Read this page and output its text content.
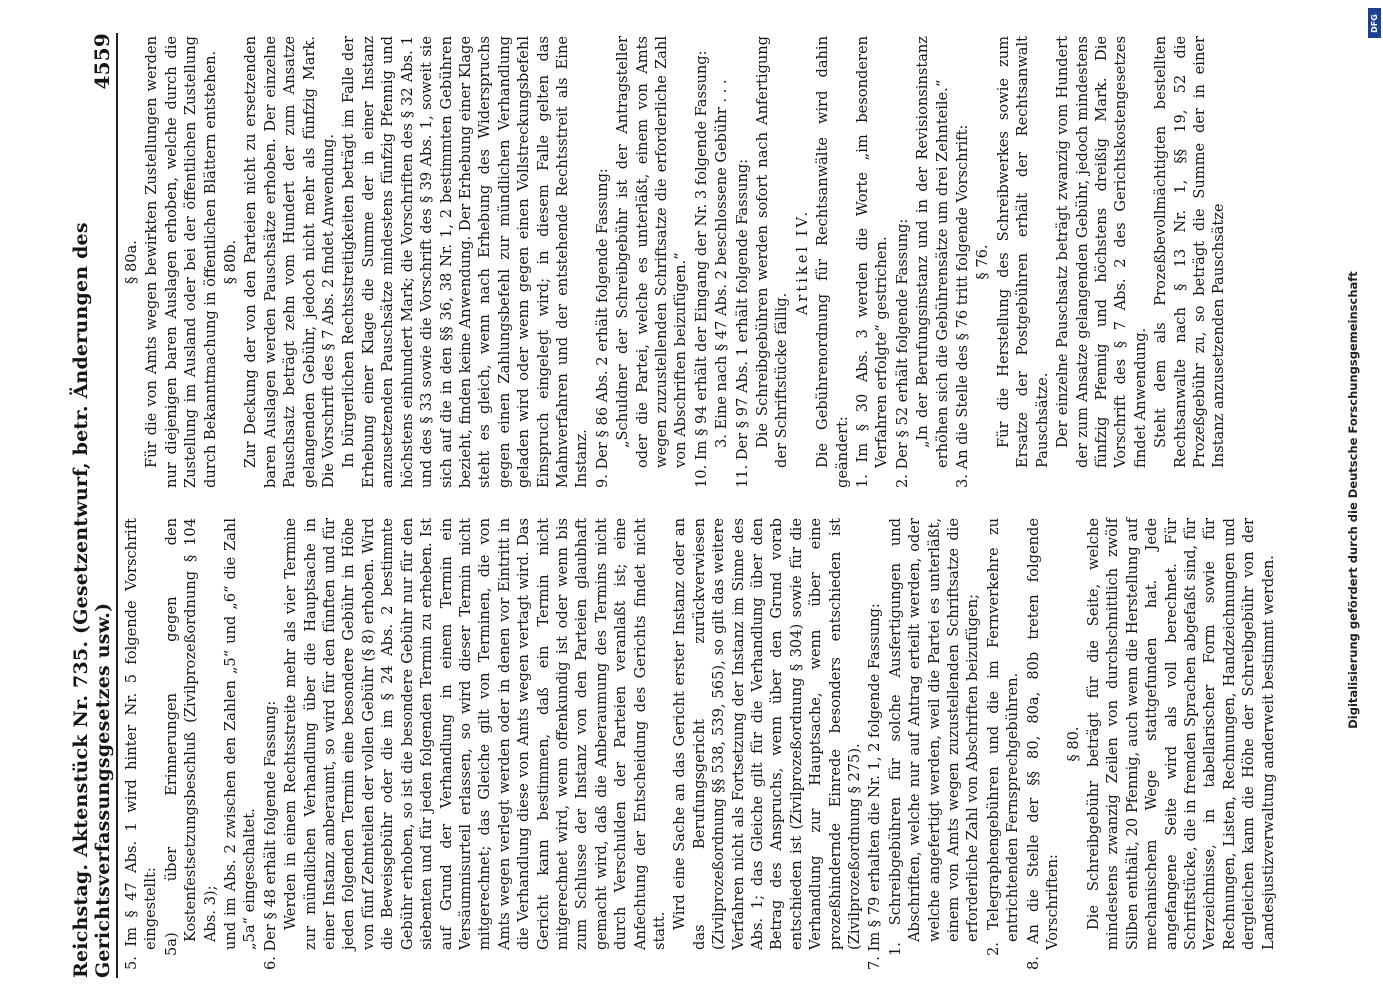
Reichstag. Aktenstück Nr. 735. (Gesetzentwurf, betr. Änderungen des Gerichtsverfassungsgesetzes usw.)
4559

5. Im § 47 Abs. 1 wird hinter Nr. 5 folgende Vorschrift eingestellt: 5a) über Erinnerungen gegen den Kostenfestsetzungsbeschluß (Zivilprozeßordnung § 104 Abs. 3); und im Abs. 2 zwischen den Zahlen „5“ und „6“ die Zahl „5a“ eingeschaltet. 6. Der § 48 erhält folgende Fassung: Werden in einem Rechtsstreite mehr als vier Termine zur mündlichen Verhandlung über die Hauptsache in einer Instanz anberaumt, so wird für den fünften und für jeden folgenden Termin eine besondere Gebühr in Höhe von fünf Zehnteilen der vollen Gebühr (§ 8) erhoben. Wird die Beweisgebühr oder die im § 24 Abs. 2 bestimmte Gebühr erhoben, so ist die besondere Gebühr nur für den siebenten und für jeden folgenden Termin zu erheben. Ist auf Grund der Verhandlung in einem Termin ein Versäumnisurteil erlassen, so wird dieser Termin nicht mitgerechnet; das Gleiche gilt von Terminen, die von Amts wegen verlegt werden oder in denen vor Eintritt in die Verhandlung diese von Amts wegen vertagt wird. Das Gericht kann bestimmen, daß ein Termin nicht mitgerechnet wird, wenn offenkundig ist oder wenn bis zum Schlusse der Instanz von den Parteien glaubhaft gemacht wird, daß die Anberaumung des Termins nicht durch Verschulden der Parteien veranlaßt ist; eine Anfechtung der Entscheidung des Gerichts findet nicht statt.

Wird eine Sache an das Gericht erster Instanz oder an das Berufungsgericht zurückverwiesen (Zivilprozeßordnung §§ 538, 539, 565), so gilt das weitere Verfahren nicht als Fortsetzung der Instanz im Sinne des Abs. 1; das Gleiche gilt für die Verhandlung über den Betrag des Anspruchs, wenn über den Grund vorab entschieden ist (Zivilprozeßordnung § 304) sowie für die Verhandlung zur Hauptsache, wenn über eine prozeßhindernde Einrede besonders entschieden ist (Zivilprozeßordnung § 275). 7. Im § 79 erhalten die Nr. 1, 2 folgende Fassung: 1. Schreibgebühren für solche Ausfertigungen und Abschriften, welche nur auf Antrag erteilt werden, oder welche angefertigt werden, weil die Partei es unterläßt, einem von Amts wegen zuzustellenden Schriftsatze die erforderliche Zahl von Abschriften beizufügen; 2. Telegraphengebühren und die im Fernverkehre zu entrichtenden Fernsprechgebühren. 8. An die Stelle der §§ 80, 80a, 80b treten folgende Vorschriften:

§ 80. Die Schreibgebühr beträgt für die Seite, welche mindestens zwanzig Zeilen von durchschnittlich zwölf Silben enthält, 20 Pfennig, auch wenn die Herstellung auf mechanischem Wege stattgefunden hat. Jede angefangene Seite wird als voll berechnet. Für Schriftstücke, die in fremden Sprachen abgefaßt sind, für Verzeichnisse, in tabellarischer Form sowie für Rechnungen, Listen, Rechnungen, Handzeichnungen und dergleichen kann die Höhe der Schreibgebühr von der Landesjustizverwaltung anderweit bestimmt werden.

§ 80a. Für die von Amts wegen bewirkten Zustellungen werden nur diejenigen baren Auslagen erhoben, welche durch die Zustellung im Ausland oder bei der öffentlichen Zustellung durch Bekanntmachung in öffentlichen Blättern entstehen. § 80b. Zur Deckung der von den Parteien nicht zu ersetzenden baren Auslagen werden Pauschsätze erhoben. Der einzelne Pauschsatz beträgt zehn vom Hundert der zum Ansatze gelangenden Gebühr, jedoch nicht mehr als fünfzig Mark. Die Vorschrift des § 7 Abs. 2 findet Anwendung. In bürgerlichen Rechtsstreitigkeiten beträgt im Falle der Erhebung einer Klage die Summe der in einer Instanz anzusetzenden Pauschsätze mindestens fünfzig Pfennig und höchstens einhundert Mark; die Vorschriften des § 32 Abs. 1 und des § 33 sowie die Vorschrift des § 39 Abs. 1, soweit sie sich auf die in den §§ 36, 38 Nr. 1, 2 bestimmten Gebühren bezieht, finden keine Anwendung. Der Erhebung einer Klage steht es gleich, wenn nach Erhebung des Widerspruchs gegen einen Zahlungsbefehl zur mündlichen Verhandlung geladen wird oder wenn gegen einen Vollstreckungsbefehl Einspruch eingelegt wird; in diesem Falle gelten das Mahnverfahren und der entstehende Rechtsstreit als Eine Instanz. 9. Der § 86 Abs. 2 erhält folgende Fassung: „Schuldner der Schreibgebühr ist der Antragsteller oder die Partei, welche es unterläßt, einem von Amts wegen zuzustellenden Schriftsatze die erforderliche Zahl von Abschriften beizufügen.“ 10. Im § 94 erhält der Eingang der Nr. 3 folgende Fassung: 3. Eine nach § 47 Abs. 2 beschlossene Gebühr . . . 11. Der § 97 Abs. 1 erhält folgende Fassung: Die Schreibgebühren werden sofort nach Anfertigung der Schriftstücke fällig.

Artikel IV. Die Gebührenordnung für Rechtsanwälte wird dahin geändert: 1. Im § 30 Abs. 3 werden die Worte „im besonderen Verfahren erfolgte“ gestrichen. 2. Der § 52 erhält folgende Fassung: „In der Berufungsinstanz und in der Revisionsinstanz erhöhen sich die Gebührensätze um drei Zehnteile.“ 3. An die Stelle des § 76 tritt folgende Vorschrift: § 76. Für die Herstellung des Schreibwerkes sowie zum Ersatze der Postgebühren erhält der Rechtsanwalt Pauschsätze. Der einzelne Pauschsatz beträgt zwanzig vom Hundert der zum Ansatze gelangenden Gebühr, jedoch mindestens fünfzig Pfennig und höchstens dreißig Mark. Die Vorschrift des § 7 Abs. 2 des Gerichtskostengesetzes findet Anwendung. Steht dem als Prozeßbevollmächtigten bestellten Rechtsanwalte nach § 13 Nr. 1, §§ 19, 52 die Prozeßgebühr zu, so beträgt die Summe der in einer Instanz anzusetzenden Pauschsätze	Digitalisierung gefördert durch die Deutsche Forschungsgemeinschaft
DFG
